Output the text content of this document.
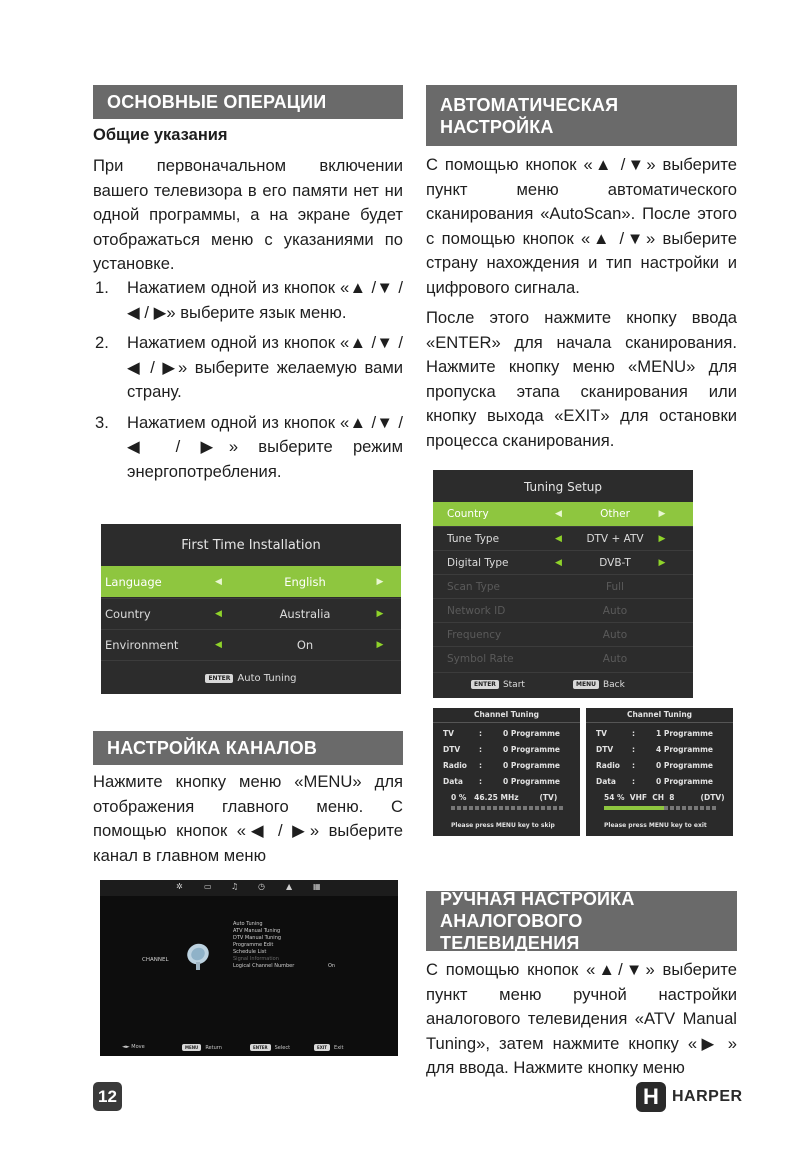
ОСНОВНЫЕ ОПЕРАЦИИ
Общие указания

При первоначальном включении вашего телевизора в его памяти нет ни одной программы, а на экране будет отображаться меню с указаниями по установке.

1. Нажатием одной из кнопок «▲ /▼ / ◀ / ▶» выберите язык меню.
2. Нажатием одной из кнопок «▲ /▼ / ◀ / ▶» выберите желаемую вами страну.
3. Нажатием одной из кнопок «▲ /▼ / ◀ / ▶» выберите режим энергопотребления.
First Time Installation
Language	◀	English	▶
Country	◀	Australia	▶
Environment	◀	On	▶
ENTER Auto Tuning
НАСТРОЙКА КАНАЛОВ

Нажмите кнопку меню «MENU» для отображения главного меню. С помощью кнопок «◀ / ▶» выберите канал в главном меню

✲	▭ ♫ ◷	▲	▦
CHANNEL
Auto Tuning
ATV Manual Tuning
DTV Manual Tuning
Programme Edit
Schedule List
Signal Information
Logical Channel Number	On
◄► Move	MENU Return	ENTER Select	EXIT Exit
АВТОМАТИЧЕСКАЯ НАСТРОЙКА

С помощью кнопок «▲ /▼» выберите пункт меню автоматического сканирования «AutoScan». После этого с помощью кнопок «▲ /▼» выберите страну нахождения и тип настройки и цифрового сигнала.

После этого нажмите кнопку ввода «ENTER» для начала сканирования. Нажмите кнопку меню «MENU» для пропуска этапа сканирования или кнопку выхода «EXIT» для остановки процесса сканирования.

Tuning Setup
Country	◀	Other	▶
Tune Type	◀	DTV + ATV	▶
Digital Type	◀	DVB-T	▶
Scan Type	Full
Network ID	Auto
Frequency	Auto
Symbol Rate	Auto
ENTER Start	MENU Back
Channel Tuning
TV	:	0 Programme
DTV	:	0 Programme
Radio	:	0 Programme
Data	:	0 Programme
0 %   46.25 MHz        (TV)
Please press MENU key to skip
Channel Tuning
TV	:	1 Programme
DTV	:	4 Programme
Radio	:	0 Programme
Data	:	0 Programme
54 %  VHF  CH  8          (DTV)
Please press MENU key to exit
РУЧНАЯ НАСТРОЙКА АНАЛОГОВОГО ТЕЛЕВИДЕНИЯ

С помощью кнопок «▲/▼» выберите пункт меню ручной настройки аналогового телевидения «ATV Manual Tuning», затем нажмите кнопку «▶ » для ввода. Нажмите кнопку меню

12	H HARPER
